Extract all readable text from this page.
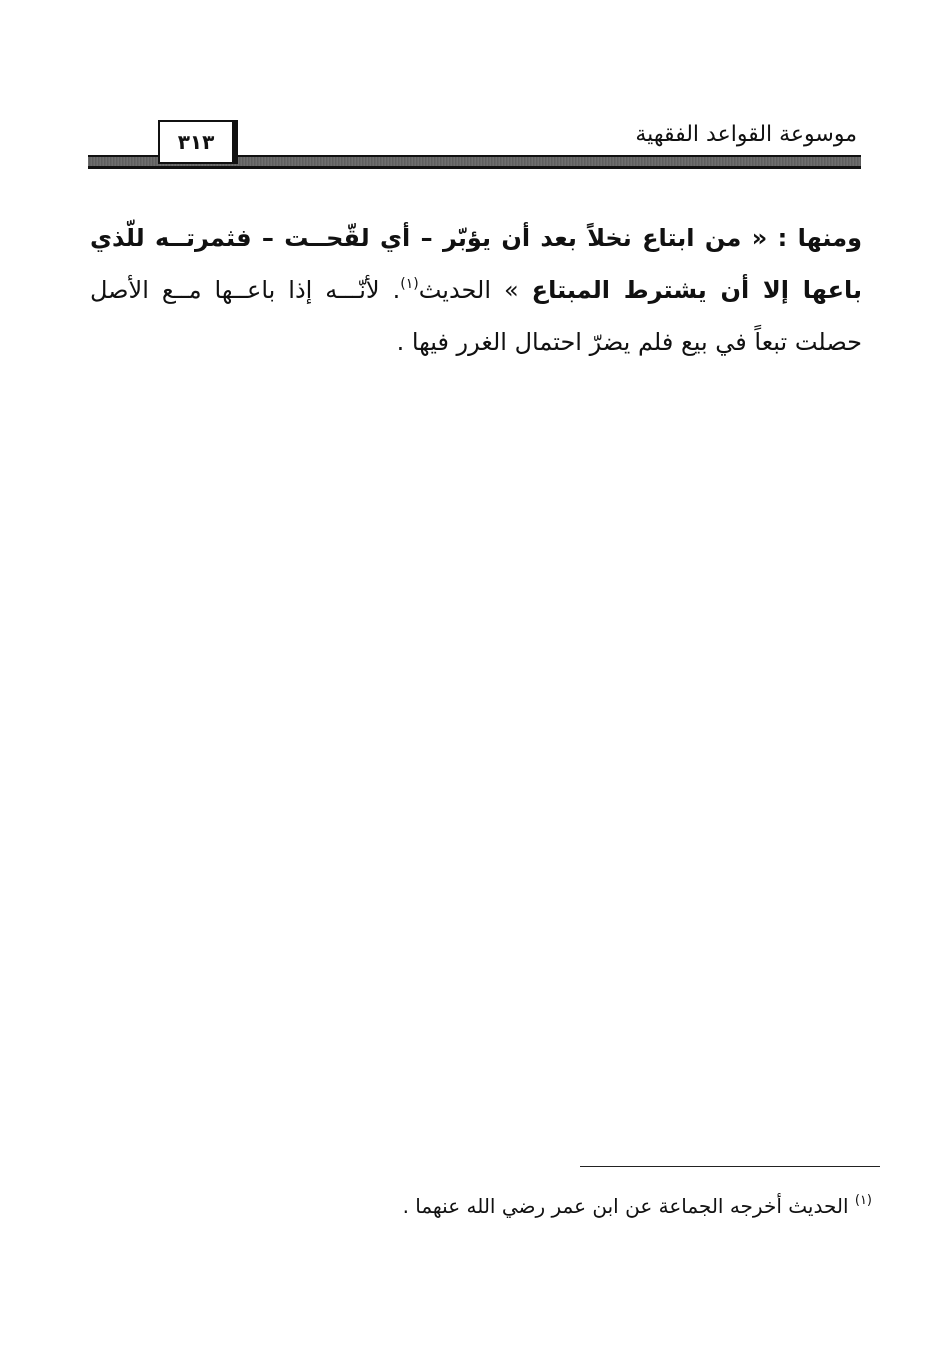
موسوعة القواعد الفقهية
٣١٣

ومنها : « من ابتاع نخلاً بعد أن يؤبّر – أي لقّحــت – فثمرتــه للّذي باعها إلا أن يشترط المبتاع » الحديث$^{(١)}$. لأنّـــه إذا باعــها مــع الأصل حصلت تبعاً في بيع فلم يضرّ احتمال الغرر فيها .

$^{(١)}$ الحديث أخرجه الجماعة عن ابن عمر رضي الله عنهما .
